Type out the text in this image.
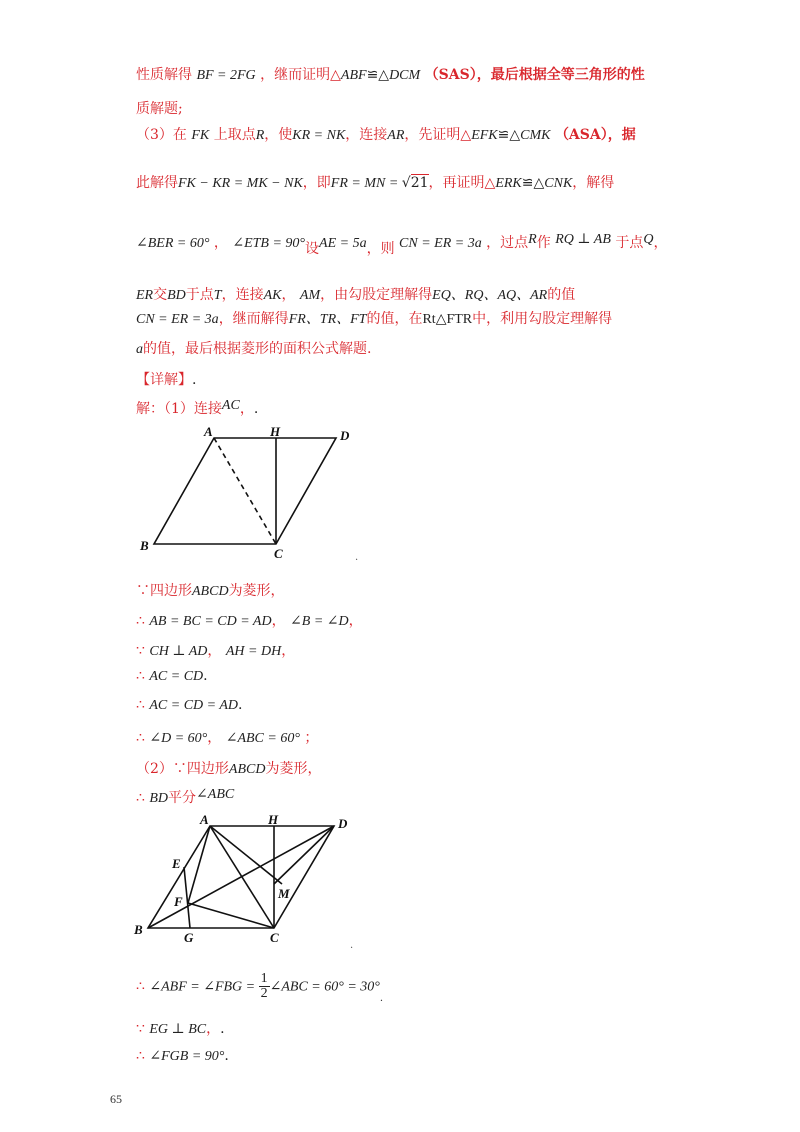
性质解得 BF = 2FG ，继而证明△ABF≌△DCM （SAS），最后根据全等三角形的性
质解题;
（3）在 FK 上取点R，使KR = NK，连接AR，先证明△EFK≌△CMK （ASA），据
此解得FK − KR = MK − NK，即FR = MN = √21，再证明△ERK≌△CNK，解得
∠BER = 60° ， ∠ETB = 90°设AE = 5a，则 CN = ER = 3a ，过点R作 RQ ⊥ AB 于点Q，
ER交BD于点T，连接AK， AM，由勾股定理解得EQ、RQ、AQ、AR的值
CN = ER = 3a，继而解得FR、TR、FT的值，在Rt△FTR中，利用勾股定理解得
a的值，最后根据菱形的面积公式解题.
【详解】.
解：（1）连接AC，.
A	H	D
B
C	.
∵四边形ABCD为菱形，
∴ AB = BC = CD = AD， ∠B = ∠D，
∵ CH ⊥ AD， AH = DH，
∴ AC = CD.
∴ AC = CD = AD.
∴ ∠D = 60°， ∠ABC = 60° ；
（2）∵四边形ABCD为菱形，
∴ BD平分∠ABC
A	H	D
E
F
M
B
G	C
.
∴ ∠ABF = ∠FBG = $\frac{1}{2}$ ∠ABC = $60^\circ = 30^\circ_.$
∵ EG ⊥ BC，.
∴ ∠FGB = 90°.
65
